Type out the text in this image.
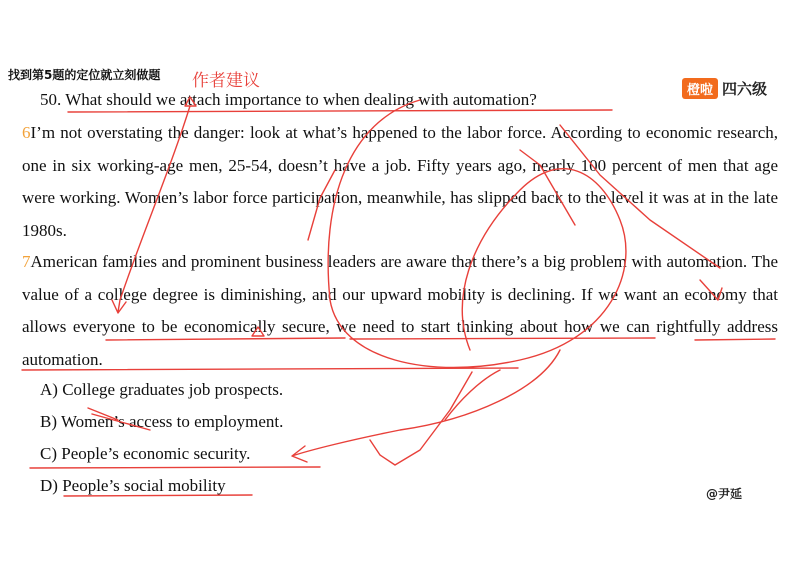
找到第5题的定位就立刻做题 作者建议	橙啦 四六级
50. What should we attach importance to when dealing with automation?
6I’m not overstating the danger: look at what’s happened to the labor force. According to economic research, one in six working-age men, 25-54, doesn’t have a job. Fifty years ago, nearly 100 percent of men that age were working. Women’s labor force participation, meanwhile, has slipped back to the level it was at in the late 1980s.
7American families and prominent business leaders are aware that there’s a big problem with automation. The value of a college degree is diminishing, and our upward mobility is declining. If we want an economy that allows everyone to be economically secure, we need to start thinking about how we can rightfully address automation.
A) College graduates job prospects.
B) Women’s access to employment.
C) People’s economic security.
D) People’s social mobility	@尹延
